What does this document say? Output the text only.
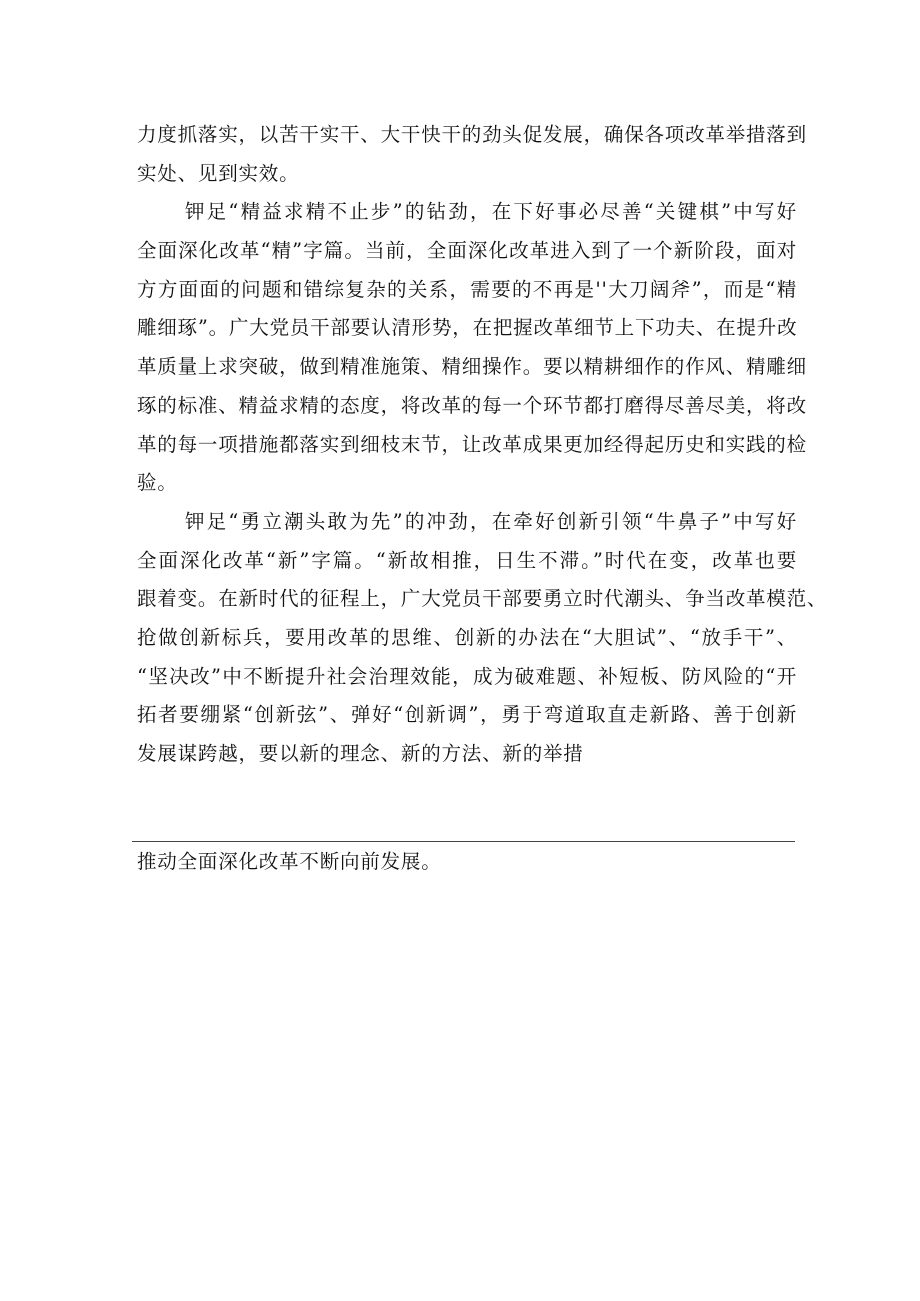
力度抓落实，以苦干实干、大干快干的劲头促发展，确保各项改革举措落到
实处、见到实效。
钾足“精益求精不止步”的钻劲，在下好事必尽善“关键棋”中写好
全面深化改革“精”字篇。当前，全面深化改革进入到了一个新阶段，面对
方方面面的问题和错综复杂的关系，需要的不再是''大刀阔斧”，而是“精
雕细琢”。广大党员干部要认清形势，在把握改革细节上下功夫、在提升改
革质量上求突破，做到精准施策、精细操作。要以精耕细作的作风、精雕细
琢的标准、精益求精的态度，将改革的每一个环节都打磨得尽善尽美，将改
革的每一项措施都落实到细枝末节，让改革成果更加经得起历史和实践的检
验。
钾足“勇立潮头敢为先”的冲劲，在牵好创新引领“牛鼻子”中写好
全面深化改革“新”字篇。“新故相推，日生不滞。”时代在变，改革也要
跟着变。在新时代的征程上，广大党员干部要勇立时代潮头、争当改革模范、
抢做创新标兵，要用改革的思维、创新的办法在“大胆试”、“放手干”、
“坚决改”中不断提升社会治理效能，成为破难题、补短板、防风险的“开
拓者要绷紧“创新弦”、弹好“创新调”，勇于弯道取直走新路、善于创新
发展谋跨越，要以新的理念、新的方法、新的举措
推动全面深化改革不断向前发展。
